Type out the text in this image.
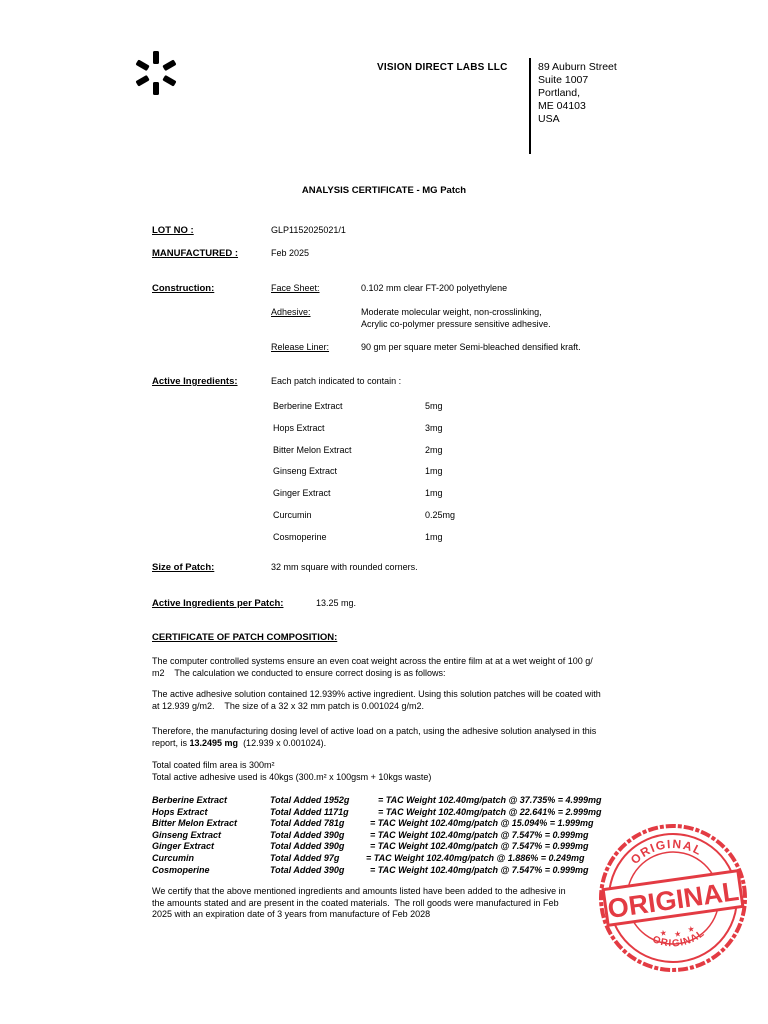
VISION DIRECT LABS LLC	89 Auburn Street
Suite 1007
Portland,
ME 04103
USA
ANALYSIS CERTIFICATE - MG Patch
LOT NO :	GLP1152025021/1
MANUFACTURED :	Feb 2025
Construction:	Face Sheet:	0.102 mm clear FT-200 polyethylene
Adhesive:	Moderate molecular weight, non-crosslinking,
Acrylic co-polymer pressure sensitive adhesive.
Release Liner:	90 gm per square meter Semi-bleached densified kraft.
Active Ingredients:	Each patch indicated to contain :
Berberine Extract	5mg
Hops Extract	3mg
Bitter Melon Extract	2mg
Ginseng Extract	1mg
Ginger Extract	1mg
Curcumin	0.25mg
Cosmoperine	1mg
Size of Patch:	32 mm square with rounded corners.
Active Ingredients per Patch:	13.25 mg.
CERTIFICATE OF PATCH COMPOSITION:
The computer controlled systems ensure an even coat weight across the entire film at at a wet weight of 100 g/
m2    The calculation we conducted to ensure correct dosing is as follows:
The active adhesive solution contained 12.939% active ingredient. Using this solution patches will be coated with
at 12.939 g/m2.    The size of a 32 x 32 mm patch is 0.001024 g/m2.
Therefore, the manufacturing dosing level of active load on a patch, using the adhesive solution analysed in this
report, is 13.2495 mg  (12.939 x 0.001024).
Total coated film area is 300m²
Total active adhesive used is 40kgs (300.m² x 100gsm + 10kgs waste)
Berberine Extract	Total Added 1952g	= TAC Weight 102.40mg/patch @ 37.735% = 4.999mg
Hops Extract	Total Added 1171g	= TAC Weight 102.40mg/patch @ 22.641% = 2.999mg
Bitter Melon Extract	Total Added 781g	= TAC Weight 102.40mg/patch @ 15.094% = 1.999mg
Ginseng Extract	Total Added 390g	= TAC Weight 102.40mg/patch @ 7.547% = 0.999mg
Ginger Extract	Total Added 390g	= TAC Weight 102.40mg/patch @ 7.547% = 0.999mg
Curcumin	Total Added 97g	= TAC Weight 102.40mg/patch @ 1.886% = 0.249mg
Cosmoperine	Total Added 390g	= TAC Weight 102.40mg/patch @ 7.547% = 0.999mg
We certify that the above mentioned ingredients and amounts listed have been added to the adhesive in
the amounts stated and are present in the coated materials.  The roll goods were manufactured in Feb
2025 with an expiration date of 3 years from manufacture of Feb 2028
ORIGINAL
ORIGINAL
★ ★ ★
ORIGINAL
